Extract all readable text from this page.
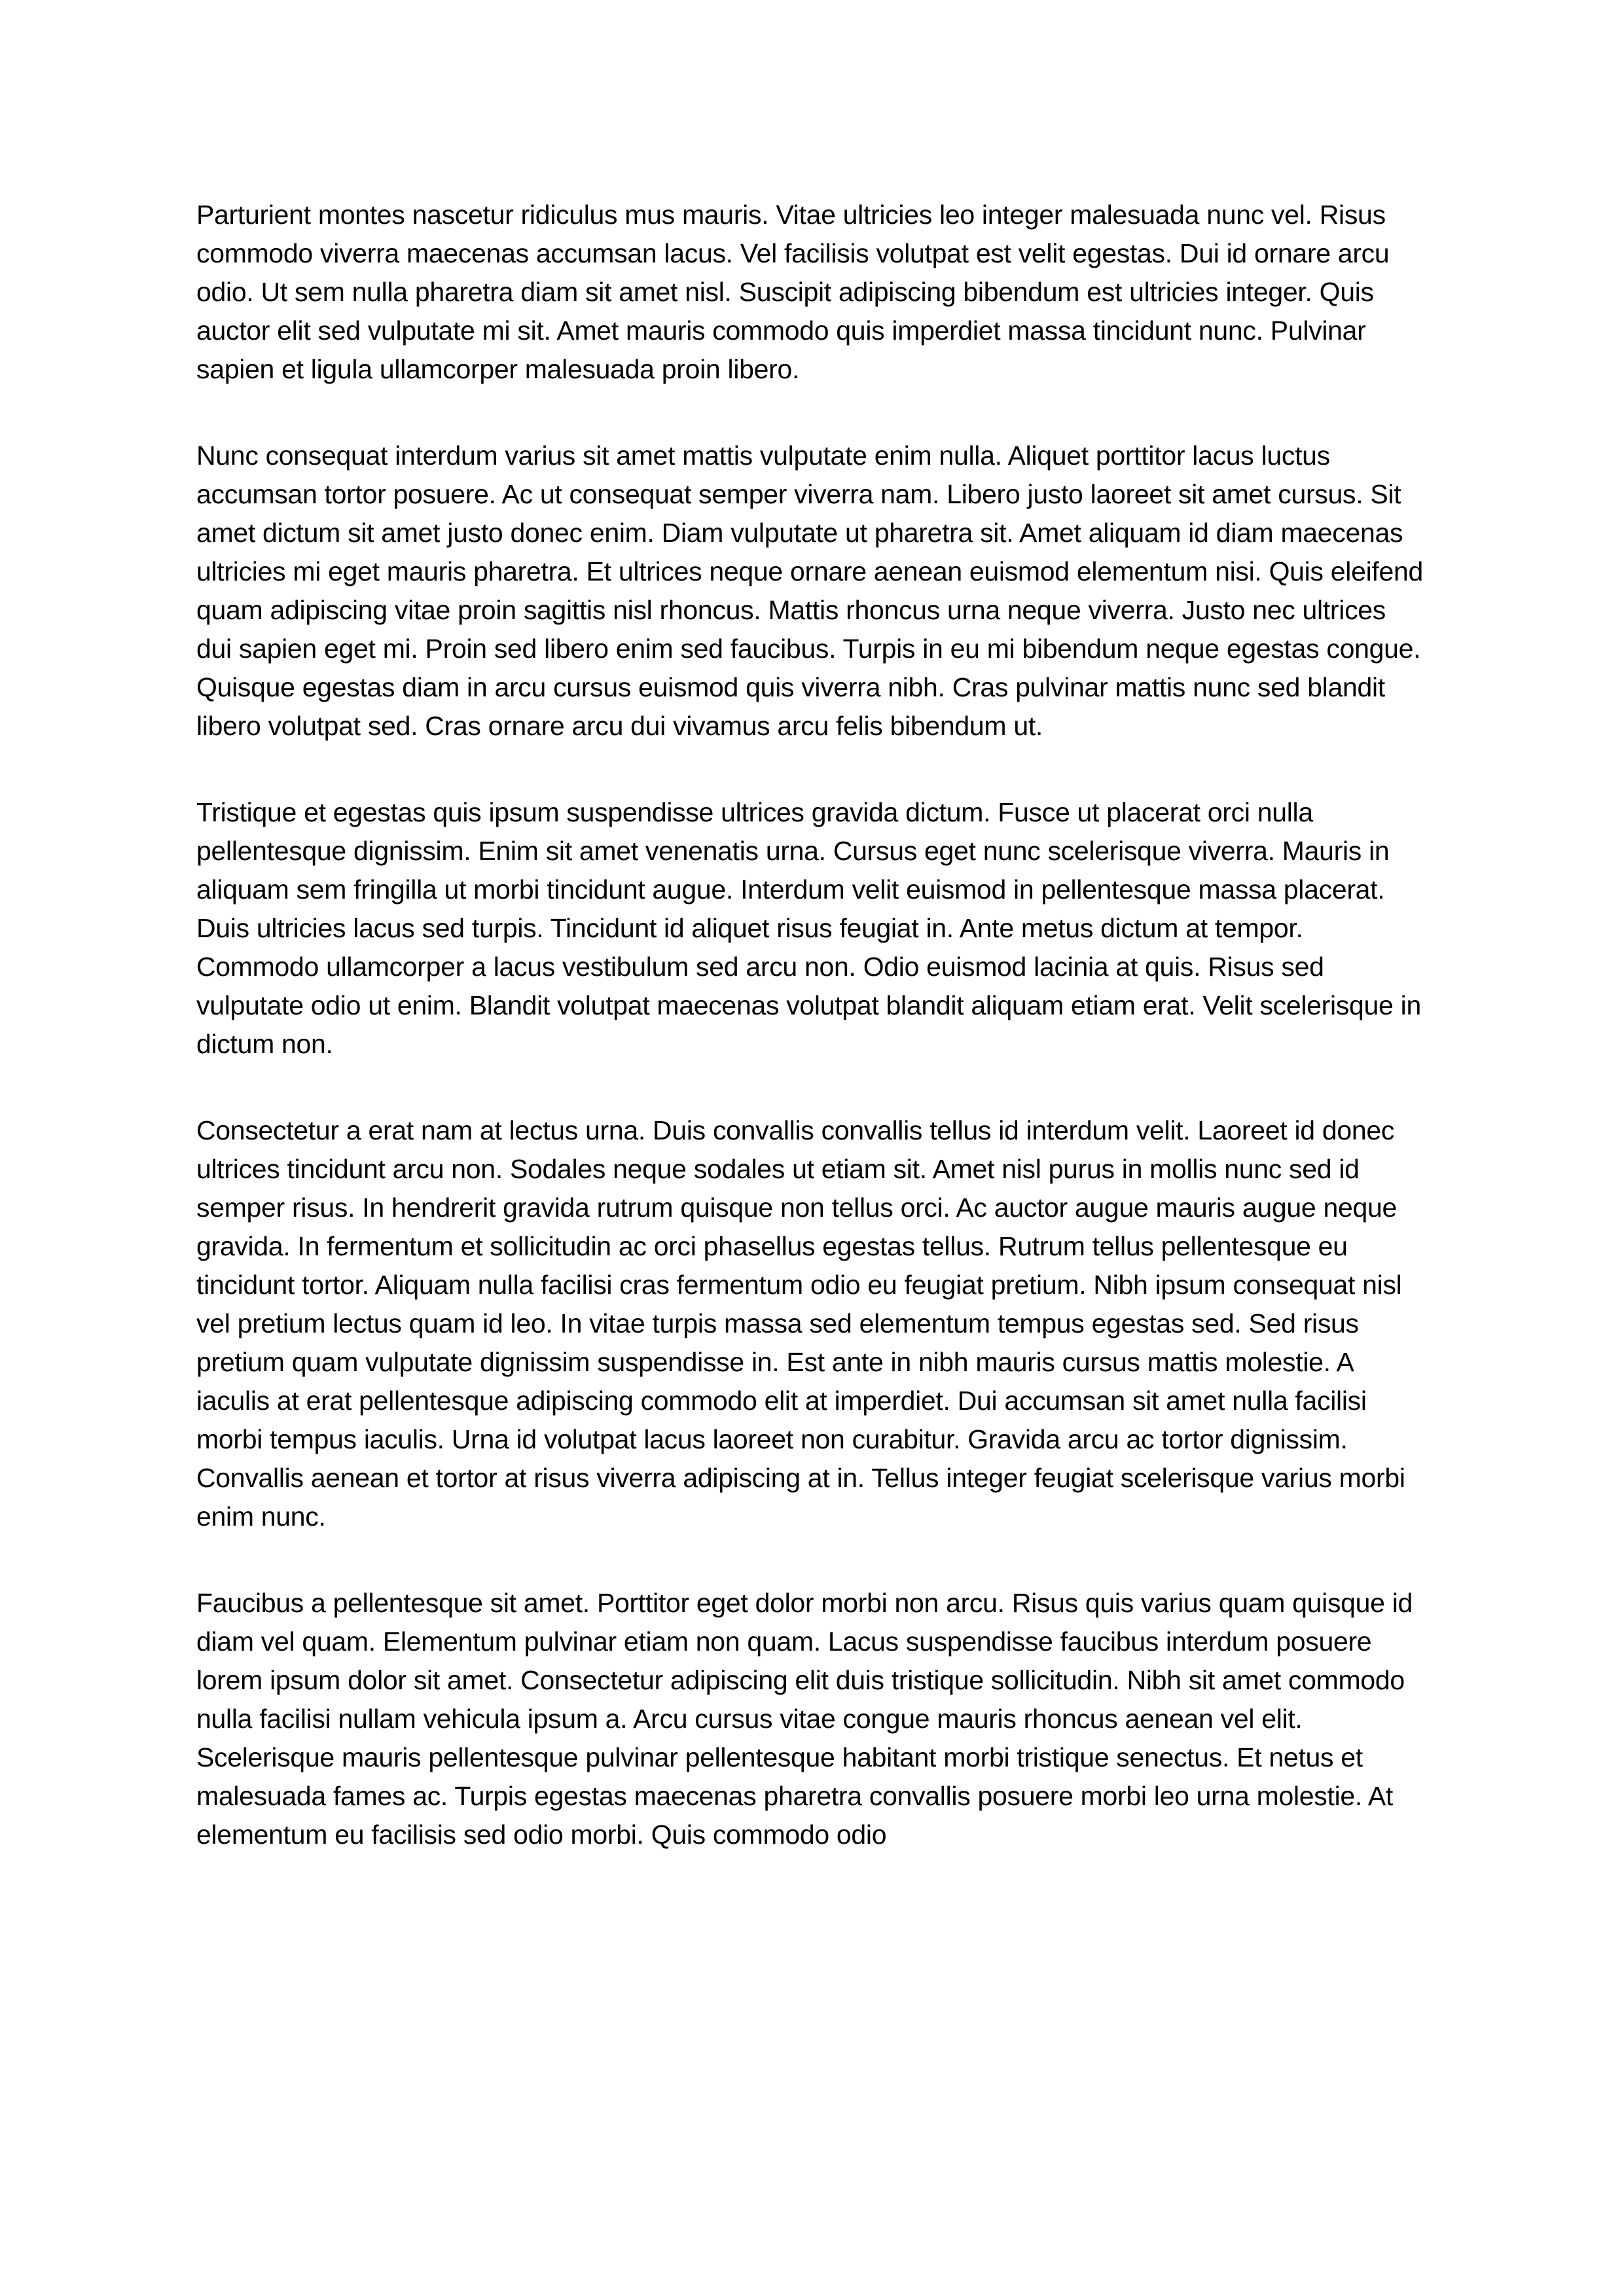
Parturient montes nascetur ridiculus mus mauris. Vitae ultricies leo integer malesuada nunc vel. Risus commodo viverra maecenas accumsan lacus. Vel facilisis volutpat est velit egestas. Dui id ornare arcu odio. Ut sem nulla pharetra diam sit amet nisl. Suscipit adipiscing bibendum est ultricies integer. Quis auctor elit sed vulputate mi sit. Amet mauris commodo quis imperdiet massa tincidunt nunc. Pulvinar sapien et ligula ullamcorper malesuada proin libero.

Nunc consequat interdum varius sit amet mattis vulputate enim nulla. Aliquet porttitor lacus luctus accumsan tortor posuere. Ac ut consequat semper viverra nam. Libero justo laoreet sit amet cursus. Sit amet dictum sit amet justo donec enim. Diam vulputate ut pharetra sit. Amet aliquam id diam maecenas ultricies mi eget mauris pharetra. Et ultrices neque ornare aenean euismod elementum nisi. Quis eleifend quam adipiscing vitae proin sagittis nisl rhoncus. Mattis rhoncus urna neque viverra. Justo nec ultrices dui sapien eget mi. Proin sed libero enim sed faucibus. Turpis in eu mi bibendum neque egestas congue. Quisque egestas diam in arcu cursus euismod quis viverra nibh. Cras pulvinar mattis nunc sed blandit libero volutpat sed. Cras ornare arcu dui vivamus arcu felis bibendum ut.

Tristique et egestas quis ipsum suspendisse ultrices gravida dictum. Fusce ut placerat orci nulla pellentesque dignissim. Enim sit amet venenatis urna. Cursus eget nunc scelerisque viverra. Mauris in aliquam sem fringilla ut morbi tincidunt augue. Interdum velit euismod in pellentesque massa placerat. Duis ultricies lacus sed turpis. Tincidunt id aliquet risus feugiat in. Ante metus dictum at tempor. Commodo ullamcorper a lacus vestibulum sed arcu non. Odio euismod lacinia at quis. Risus sed vulputate odio ut enim. Blandit volutpat maecenas volutpat blandit aliquam etiam erat. Velit scelerisque in dictum non.

Consectetur a erat nam at lectus urna. Duis convallis convallis tellus id interdum velit. Laoreet id donec ultrices tincidunt arcu non. Sodales neque sodales ut etiam sit. Amet nisl purus in mollis nunc sed id semper risus. In hendrerit gravida rutrum quisque non tellus orci. Ac auctor augue mauris augue neque gravida. In fermentum et sollicitudin ac orci phasellus egestas tellus. Rutrum tellus pellentesque eu tincidunt tortor. Aliquam nulla facilisi cras fermentum odio eu feugiat pretium. Nibh ipsum consequat nisl vel pretium lectus quam id leo. In vitae turpis massa sed elementum tempus egestas sed. Sed risus pretium quam vulputate dignissim suspendisse in. Est ante in nibh mauris cursus mattis molestie. A iaculis at erat pellentesque adipiscing commodo elit at imperdiet. Dui accumsan sit amet nulla facilisi morbi tempus iaculis. Urna id volutpat lacus laoreet non curabitur. Gravida arcu ac tortor dignissim. Convallis aenean et tortor at risus viverra adipiscing at in. Tellus integer feugiat scelerisque varius morbi enim nunc.

Faucibus a pellentesque sit amet. Porttitor eget dolor morbi non arcu. Risus quis varius quam quisque id diam vel quam. Elementum pulvinar etiam non quam. Lacus suspendisse faucibus interdum posuere lorem ipsum dolor sit amet. Consectetur adipiscing elit duis tristique sollicitudin. Nibh sit amet commodo nulla facilisi nullam vehicula ipsum a. Arcu cursus vitae congue mauris rhoncus aenean vel elit. Scelerisque mauris pellentesque pulvinar pellentesque habitant morbi tristique senectus. Et netus et malesuada fames ac. Turpis egestas maecenas pharetra convallis posuere morbi leo urna molestie. At elementum eu facilisis sed odio morbi. Quis commodo odio
